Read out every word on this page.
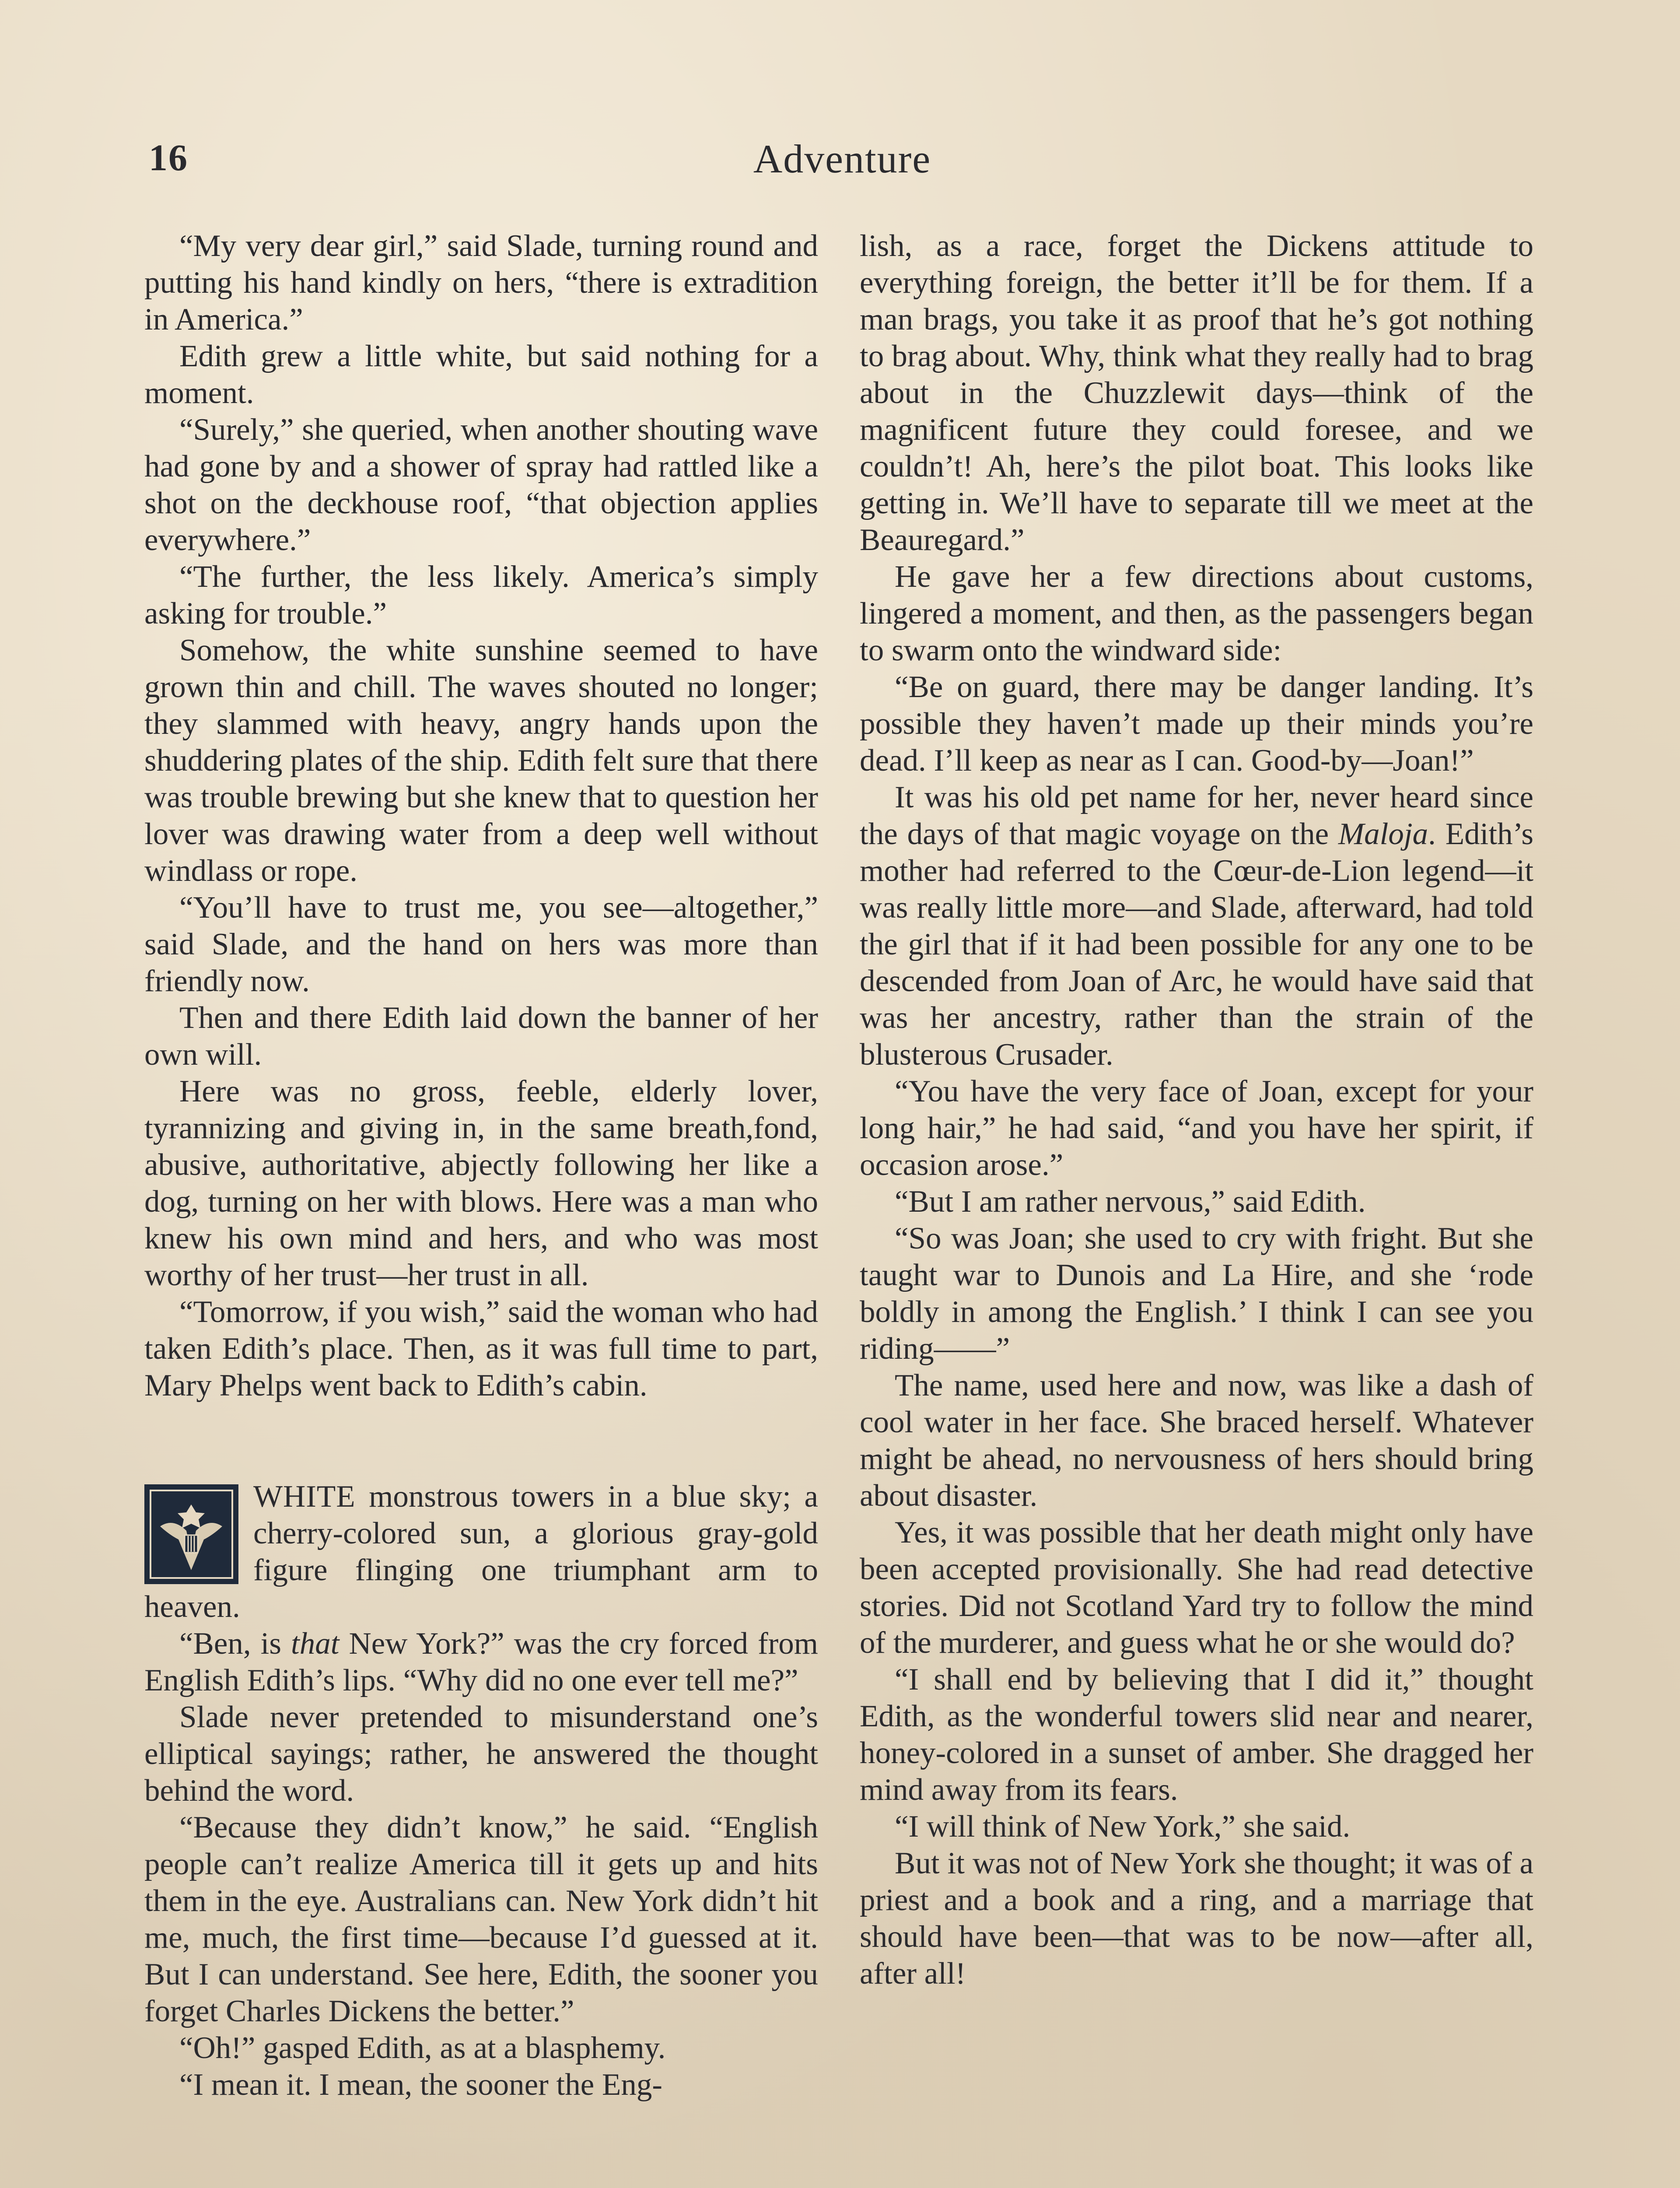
16	Adventure

“My very dear girl,” said Slade, turning round and putting his hand kindly on hers, “there is extradition in America.”

Edith grew a little white, but said nothing for a moment.

“Surely,” she queried, when another shouting wave had gone by and a shower of spray had rattled like a shot on the deckhouse roof, “that objection applies everywhere.”

“The further, the less likely. America’s simply asking for trouble.”

Somehow, the white sunshine seemed to have grown thin and chill. The waves shouted no longer; they slammed with heavy, angry hands upon the shuddering plates of the ship. Edith felt sure that there was trouble brewing but she knew that to question her lover was drawing water from a deep well without windlass or rope.

“You’ll have to trust me, you see—altogether,” said Slade, and the hand on hers was more than friendly now.

Then and there Edith laid down the banner of her own will.

Here was no gross, feeble, elderly lover, tyrannizing and giving in, in the same breath,fond, abusive, authoritative, abjectly following her like a dog, turning on her with blows. Here was a man who knew his own mind and hers, and who was most worthy of her trust—her trust in all.

“Tomorrow, if you wish,” said the woman who had taken Edith’s place. Then, as it was full time to part, Mary Phelps went back to Edith’s cabin.

WHITE monstrous towers in a blue sky; a cherry-colored sun, a glorious gray-gold figure flinging one triumphant arm to heaven.

“Ben, is that New York?” was the cry forced from English Edith’s lips. “Why did no one ever tell me?”

Slade never pretended to misunderstand one’s elliptical sayings; rather, he answered the thought behind the word.

“Because they didn’t know,” he said. “English people can’t realize America till it gets up and hits them in the eye. Australians can. New York didn’t hit me, much, the first time—because I’d guessed at it. But I can understand. See here, Edith, the sooner you forget Charles Dickens the better.”

“Oh!” gasped Edith, as at a blasphemy.

“I mean it. I mean, the sooner the Eng-

lish, as a race, forget the Dickens attitude to everything foreign, the better it’ll be for them. If a man brags, you take it as proof that he’s got nothing to brag about. Why, think what they really had to brag about in the Chuzzlewit days—think of the magnificent future they could foresee, and we couldn’t! Ah, here’s the pilot boat. This looks like getting in. We’ll have to separate till we meet at the Beauregard.”

He gave her a few directions about customs, lingered a moment, and then, as the passengers began to swarm onto the windward side:

“Be on guard, there may be danger landing. It’s possible they haven’t made up their minds you’re dead. I’ll keep as near as I can. Good-by—Joan!”

It was his old pet name for her, never heard since the days of that magic voyage on the Maloja. Edith’s mother had referred to the Cœur-de-Lion legend—it was really little more—and Slade, afterward, had told the girl that if it had been possible for any one to be descended from Joan of Arc, he would have said that was her ancestry, rather than the strain of the blusterous Crusader.

“You have the very face of Joan, except for your long hair,” he had said, “and you have her spirit, if occasion arose.”

“But I am rather nervous,” said Edith.

“So was Joan; she used to cry with fright. But she taught war to Dunois and La Hire, and she ‘rode boldly in among the English.’ I think I can see you riding——”

The name, used here and now, was like a dash of cool water in her face. She braced herself. Whatever might be ahead, no nervousness of hers should bring about disaster.

Yes, it was possible that her death might only have been accepted provisionally. She had read detective stories. Did not Scotland Yard try to follow the mind of the murderer, and guess what he or she would do?

“I shall end by believing that I did it,” thought Edith, as the wonderful towers slid near and nearer, honey-colored in a sunset of amber. She dragged her mind away from its fears.

“I will think of New York,” she said.

But it was not of New York she thought; it was of a priest and a book and a ring, and a marriage that should have been—that was to be now—after all, after all!
